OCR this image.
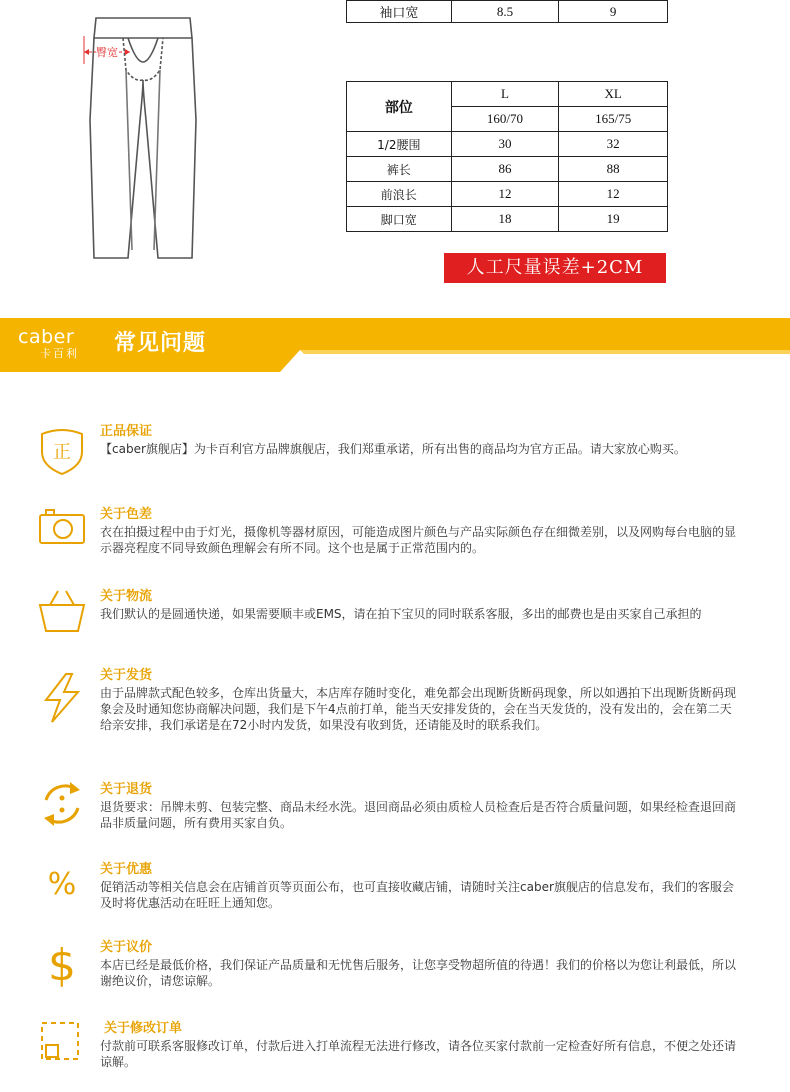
臀宽
袖口宽	8.5	9
部位	L	XL
	160/70	165/75
1/2腰围	30	32
裤长	86	88
前浪长	12	12
脚口宽	18	19
人工尺量误差+2CM
caber
卡百利	常见问题
正
正品保证
【caber旗舰店】为卡百利官方品牌旗舰店，我们郑重承诺，所有出售的商品均为官方正品。请大家放心购买。
关于色差
衣在拍摄过程中由于灯光，摄像机等器材原因，可能造成图片颜色与产品实际颜色存在细微差别，以及网购每台电脑的显示器亮程度不同导致颜色理解会有所不同。这个也是属于正常范围内的。
关于物流
我们默认的是圆通快递，如果需要顺丰或EMS，请在拍下宝贝的同时联系客服，多出的邮费也是由买家自己承担的
关于发货
由于品牌款式配色较多，仓库出货量大，本店库存随时变化，难免都会出现断货断码现象，所以如遇拍下出现断货断码现象会及时通知您协商解决问题，我们是下午4点前打单，能当天安排发货的，会在当天发货的，没有发出的，会在第二天给亲安排，我们承诺是在72小时内发货，如果没有收到货，还请能及时的联系我们。
关于退货
退货要求：吊牌未剪、包装完整、商品未经水洗。退回商品必须由质检人员检查后是否符合质量问题，如果经检查退回商品非质量问题，所有费用买家自负。
% 关于优惠
促销活动等相关信息会在店铺首页等页面公布，也可直接收藏店铺，请随时关注caber旗舰店的信息发布，我们的客服会及时将优惠活动在旺旺上通知您。
$ 关于议价
本店已经是最低价格，我们保证产品质量和无忧售后服务，让您享受物超所值的待遇！我们的价格以为您让利最低，所以谢绝议价，请您谅解。
关于修改订单
付款前可联系客服修改订单，付款后进入打单流程无法进行修改，请各位买家付款前一定检查好所有信息，不便之处还请谅解。
